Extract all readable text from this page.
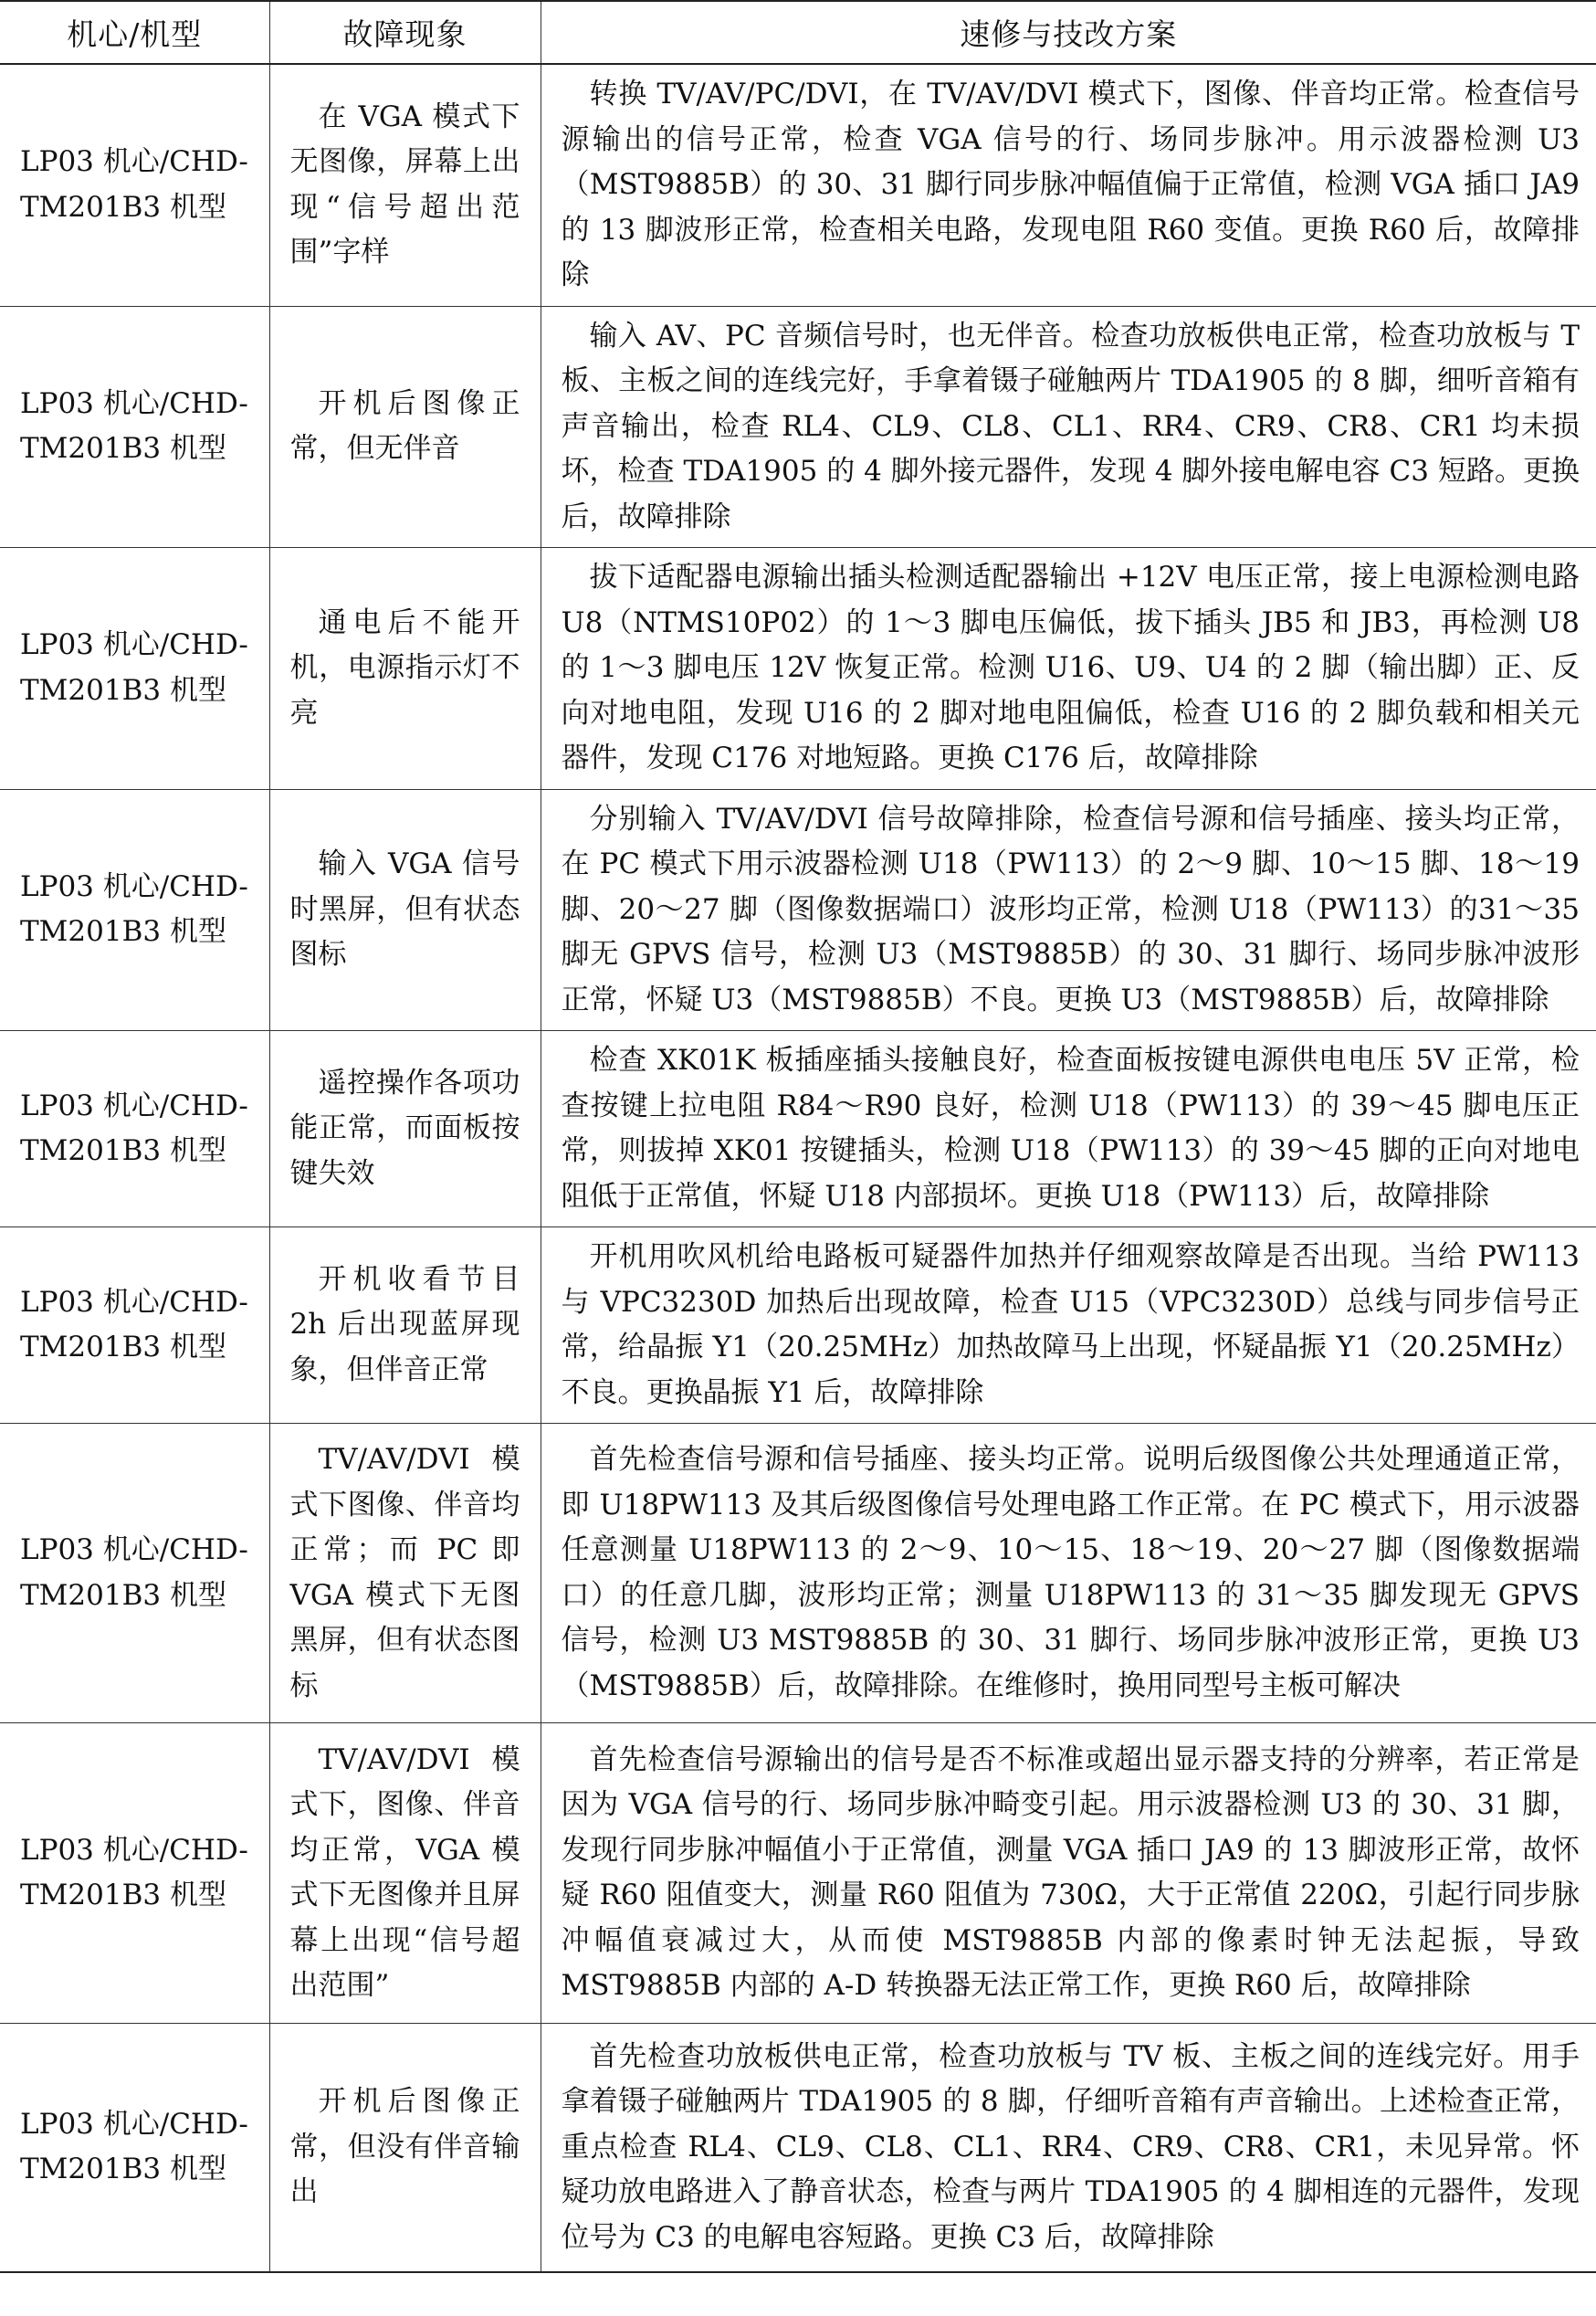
机心/机型	故障现象	速修与技改方案
LP03 机心/CHD-TM201B3 机型	在 VGA 模式下无图像，屏幕上出现“信号超出范围”字样	转换 TV/AV/PC/DVI，在 TV/AV/DVI 模式下，图像、伴音均正常。检查信号源输出的信号正常，检查 VGA 信号的行、场同步脉冲。用示波器检测 U3（MST9885B）的 30、31 脚行同步脉冲幅值偏于正常值，检测 VGA 插口 JA9 的 13 脚波形正常，检查相关电路，发现电阻 R60 变值。更换 R60 后，故障排除
LP03 机心/CHD-TM201B3 机型	开机后图像正常，但无伴音	输入 AV、PC 音频信号时，也无伴音。检查功放板供电正常，检查功放板与 T 板、主板之间的连线完好，手拿着镊子碰触两片 TDA1905 的 8 脚，细听音箱有声音输出，检查 RL4、CL9、CL8、CL1、RR4、CR9、CR8、CR1 均未损坏，检查 TDA1905 的 4 脚外接元器件，发现 4 脚外接电解电容 C3 短路。更换后，故障排除
LP03 机心/CHD-TM201B3 机型	通电后不能开机，电源指示灯不亮	拔下适配器电源输出插头检测适配器输出 +12V 电压正常，接上电源检测电路 U8（NTMS10P02）的 1～3 脚电压偏低，拔下插头 JB5 和 JB3，再检测 U8 的 1～3 脚电压 12V 恢复正常。检测 U16、U9、U4 的 2 脚（输出脚）正、反向对地电阻，发现 U16 的 2 脚对地电阻偏低，检查 U16 的 2 脚负载和相关元器件，发现 C176 对地短路。更换 C176 后，故障排除
LP03 机心/CHD-TM201B3 机型	输入 VGA 信号时黑屏，但有状态图标	分别输入 TV/AV/DVI 信号故障排除，检查信号源和信号插座、接头均正常，在 PC 模式下用示波器检测 U18（PW113）的 2～9 脚、10～15 脚、18～19 脚、20～27 脚（图像数据端口）波形均正常，检测 U18（PW113）的31～35脚无 GPVS 信号，检测 U3（MST9885B）的 30、31 脚行、场同步脉冲波形正常，怀疑 U3（MST9885B）不良。更换 U3（MST9885B）后，故障排除
LP03 机心/CHD-TM201B3 机型	遥控操作各项功能正常，而面板按键失效	检查 XK01K 板插座插头接触良好，检查面板按键电源供电电压 5V 正常，检查按键上拉电阻 R84～R90 良好，检测 U18（PW113）的 39～45 脚电压正常，则拔掉 XK01 按键插头，检测 U18（PW113）的 39～45 脚的正向对地电阻低于正常值，怀疑 U18 内部损坏。更换 U18（PW113）后，故障排除
LP03 机心/CHD-TM201B3 机型	开机收看节目 2h 后出现蓝屏现象，但伴音正常	开机用吹风机给电路板可疑器件加热并仔细观察故障是否出现。当给 PW113 与 VPC3230D 加热后出现故障，检查 U15（VPC3230D）总线与同步信号正常，给晶振 Y1（20.25MHz）加热故障马上出现，怀疑晶振 Y1（20.25MHz）不良。更换晶振 Y1 后，故障排除
LP03 机心/CHD-TM201B3 机型	TV/AV/DVI 模式下图像、伴音均正常；而 PC 即 VGA 模式下无图黑屏，但有状态图标	首先检查信号源和信号插座、接头均正常。说明后级图像公共处理通道正常，即 U18PW113 及其后级图像信号处理电路工作正常。在 PC 模式下，用示波器任意测量 U18PW113 的 2～9、10～15、18～19、20～27 脚（图像数据端口）的任意几脚，波形均正常；测量 U18PW113 的 31～35 脚发现无 GPVS 信号，检测 U3 MST9885B 的 30、31 脚行、场同步脉冲波形正常，更换 U3（MST9885B）后，故障排除。在维修时，换用同型号主板可解决
LP03 机心/CHD-TM201B3 机型	TV/AV/DVI 模式下，图像、伴音均正常，VGA 模式下无图像并且屏幕上出现“信号超出范围”	首先检查信号源输出的信号是否不标准或超出显示器支持的分辨率，若正常是因为 VGA 信号的行、场同步脉冲畸变引起。用示波器检测 U3 的 30、31 脚，发现行同步脉冲幅值小于正常值，测量 VGA 插口 JA9 的 13 脚波形正常，故怀疑 R60 阻值变大，测量 R60 阻值为 730Ω，大于正常值 220Ω，引起行同步脉冲幅值衰减过大，从而使 MST9885B 内部的像素时钟无法起振，导致 MST9885B 内部的 A-D 转换器无法正常工作，更换 R60 后，故障排除
LP03 机心/CHD-TM201B3 机型	开机后图像正常，但没有伴音输出	首先检查功放板供电正常，检查功放板与 TV 板、主板之间的连线完好。用手拿着镊子碰触两片 TDA1905 的 8 脚，仔细听音箱有声音输出。上述检查正常，重点检查 RL4、CL9、CL8、CL1、RR4、CR9、CR8、CR1，未见异常。怀疑功放电路进入了静音状态，检查与两片 TDA1905 的 4 脚相连的元器件，发现位号为 C3 的电解电容短路。更换 C3 后，故障排除
